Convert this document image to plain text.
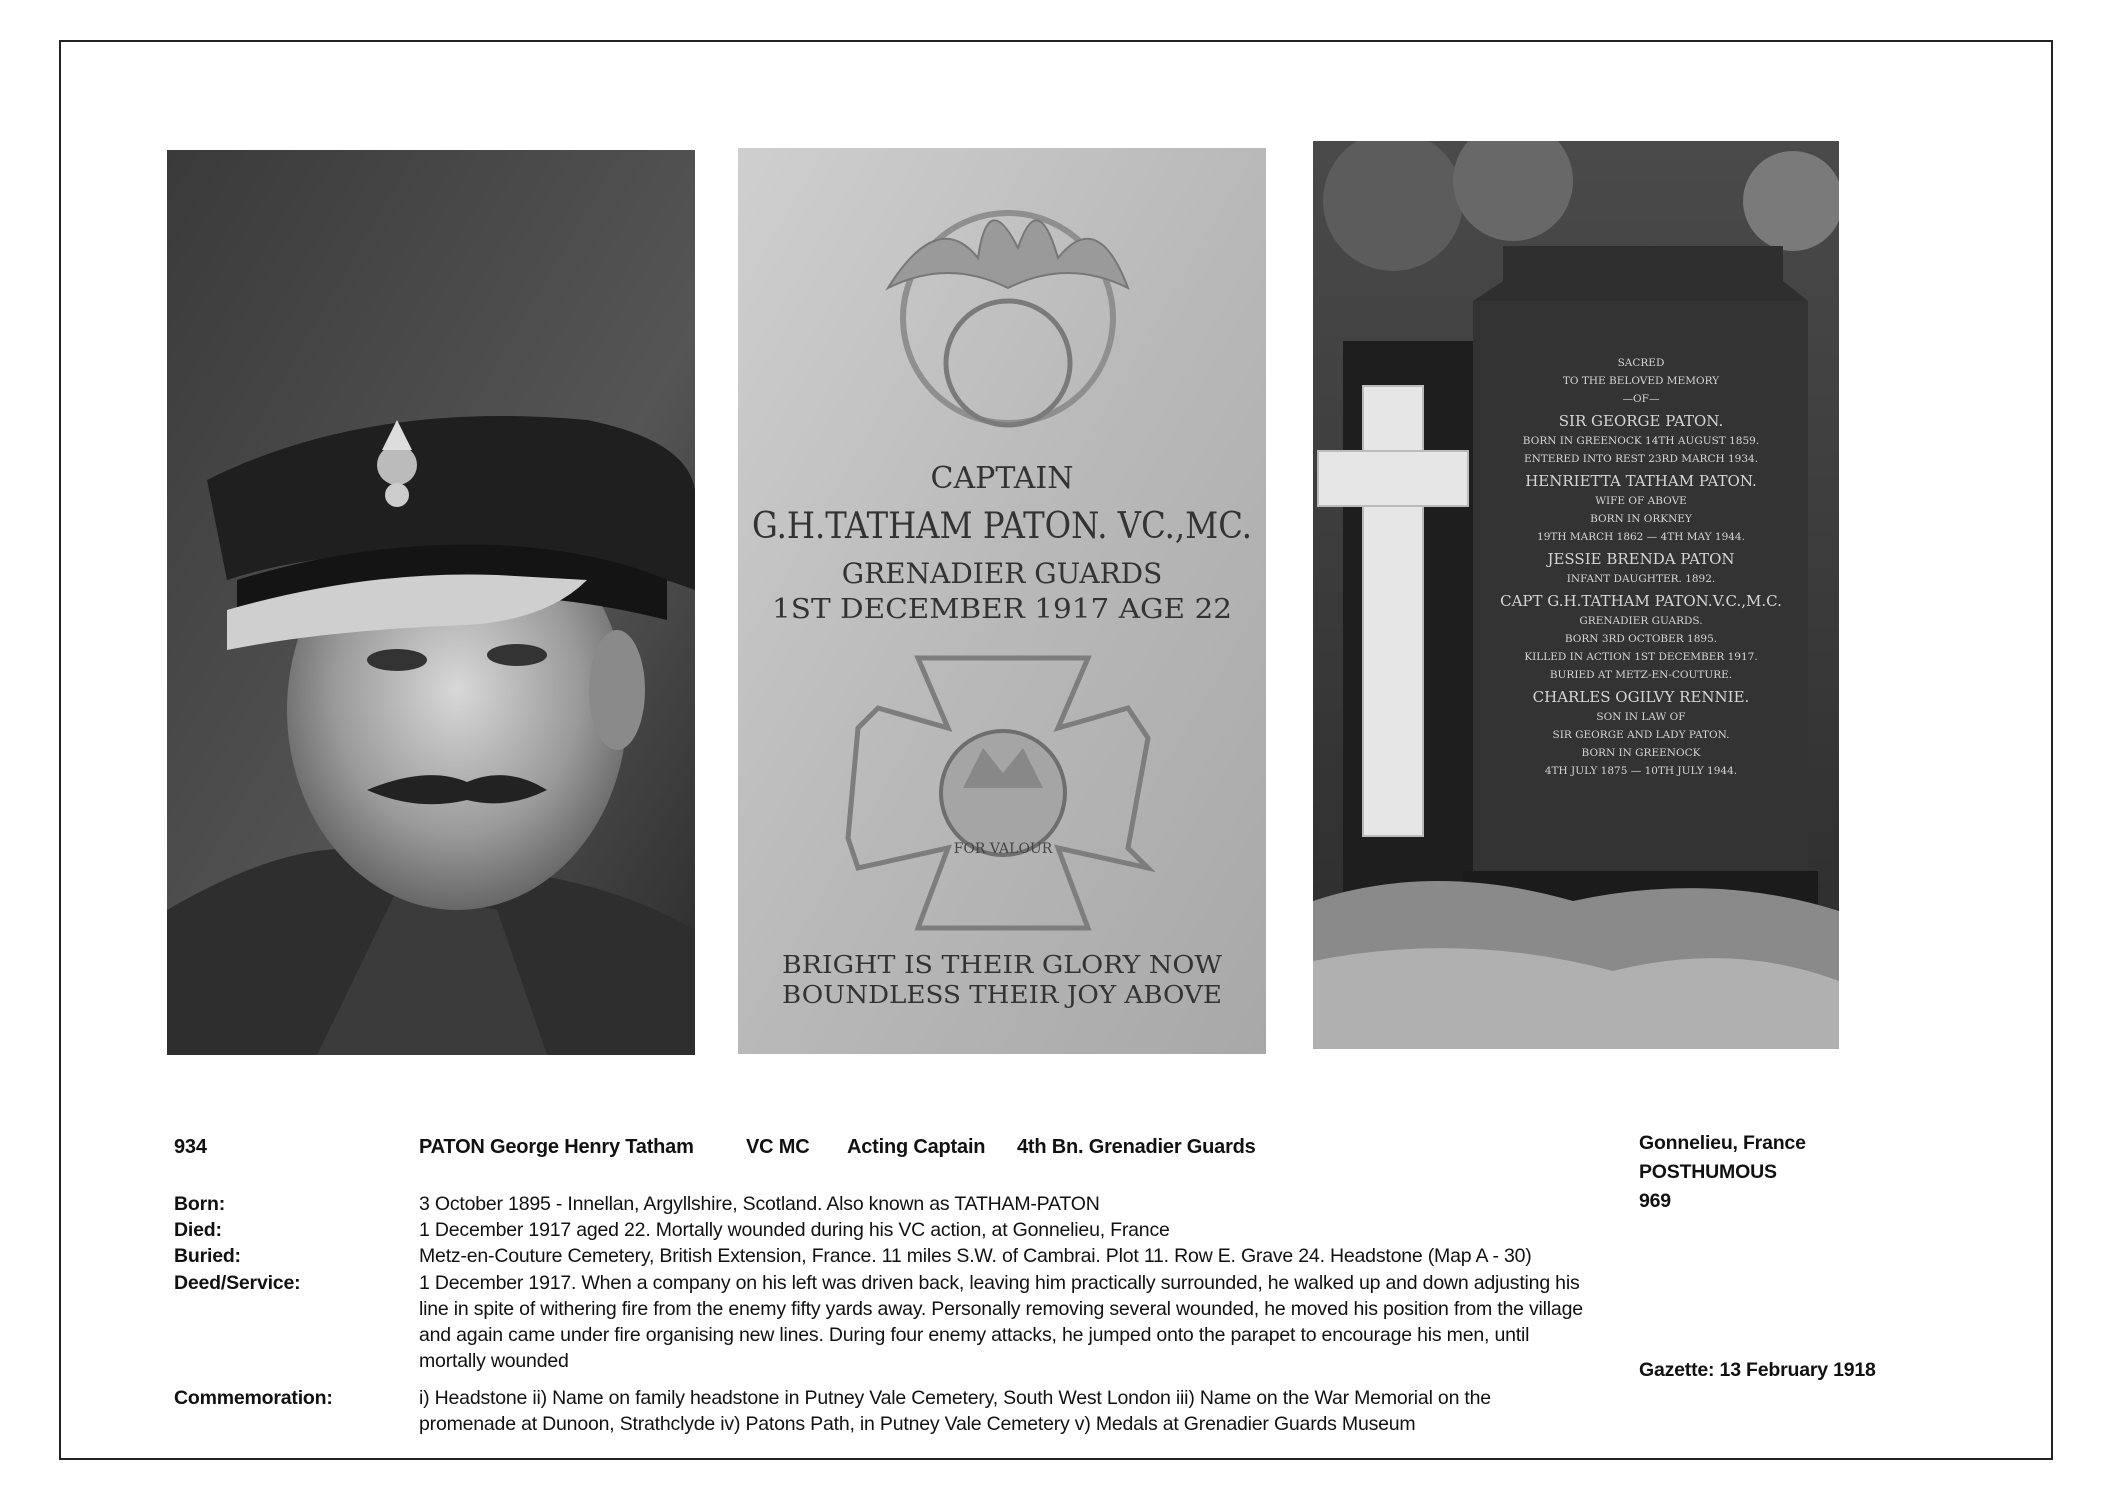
CAPTAIN
G.H.TATHAM PATON. VC.,MC.
GRENADIER GUARDS
1ST DECEMBER 1917 AGE 22
FOR VALOUR
BRIGHT IS THEIR GLORY NOW
BOUNDLESS THEIR JOY ABOVE
SACRED
TO THE BELOVED MEMORY
—OF—
SIR GEORGE PATON.
BORN IN GREENOCK 14TH AUGUST 1859.
ENTERED INTO REST 23RD MARCH 1934.
HENRIETTA TATHAM PATON.
WIFE OF ABOVE
BORN IN ORKNEY
19TH MARCH 1862 — 4TH MAY 1944.
JESSIE BRENDA PATON
INFANT DAUGHTER. 1892.
CAPT G.H.TATHAM PATON.V.C.,M.C.
GRENADIER GUARDS.
BORN 3RD OCTOBER 1895.
KILLED IN ACTION 1ST DECEMBER 1917.
BURIED AT METZ-EN-COUTURE.
CHARLES OGILVY RENNIE.
SON IN LAW OF
SIR GEORGE AND LADY PATON.
BORN IN GREENOCK
4TH JULY 1875 — 10TH JULY 1944.
934	PATON George Henry Tatham	VC MC Acting Captain 4th Bn. Grenadier Guards	Gonnelieu, France
POSTHUMOUS
969
Gazette: 13 February 1918
Born:	3 October 1895 - Innellan, Argyllshire, Scotland. Also known as TATHAM-PATON
Died:	1 December 1917 aged 22. Mortally wounded during his VC action, at Gonnelieu, France
Buried:	Metz-en-Couture Cemetery, British Extension, France. 11 miles S.W. of Cambrai. Plot 11. Row E. Grave 24. Headstone (Map A - 30)
Deed/Service:	1 December 1917. When a company on his left was driven back, leaving him practically surrounded, he walked up and down adjusting his
line in spite of withering fire from the enemy fifty yards away. Personally removing several wounded, he moved his position from the village
and again came under fire organising new lines. During four enemy attacks, he jumped onto the parapet to encourage his men, until
mortally wounded
Commemoration:	i) Headstone ii) Name on family headstone in Putney Vale Cemetery, South West London iii) Name on the War Memorial on the
promenade at Dunoon, Strathclyde iv) Patons Path, in Putney Vale Cemetery v) Medals at Grenadier Guards Museum
